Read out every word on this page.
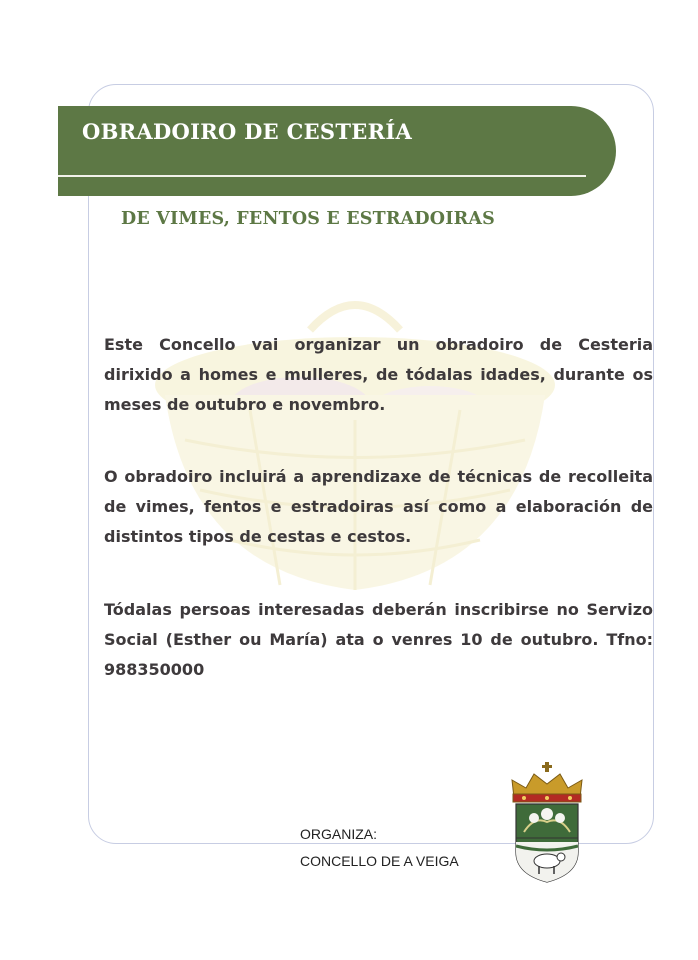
OBRADOIRO DE CESTERÍA
DE VIMES, FENTOS E ESTRADOIRAS

Este Concello vai organizar un obradoiro de Cesteria dirixido a homes e mulleres, de tódalas idades, durante os meses de outubro e novembro.

O obradoiro incluirá a aprendizaxe de técnicas de recolleita de vimes, fentos e estradoiras así como a elaboración de distintos tipos de cestas e cestos.

Tódalas persoas interesadas deberán inscribirse no Servizo Social (Esther ou María) ata o venres 10 de outubro. Tfno: 988350000

ORGANIZA:
CONCELLO DE A VEIGA
